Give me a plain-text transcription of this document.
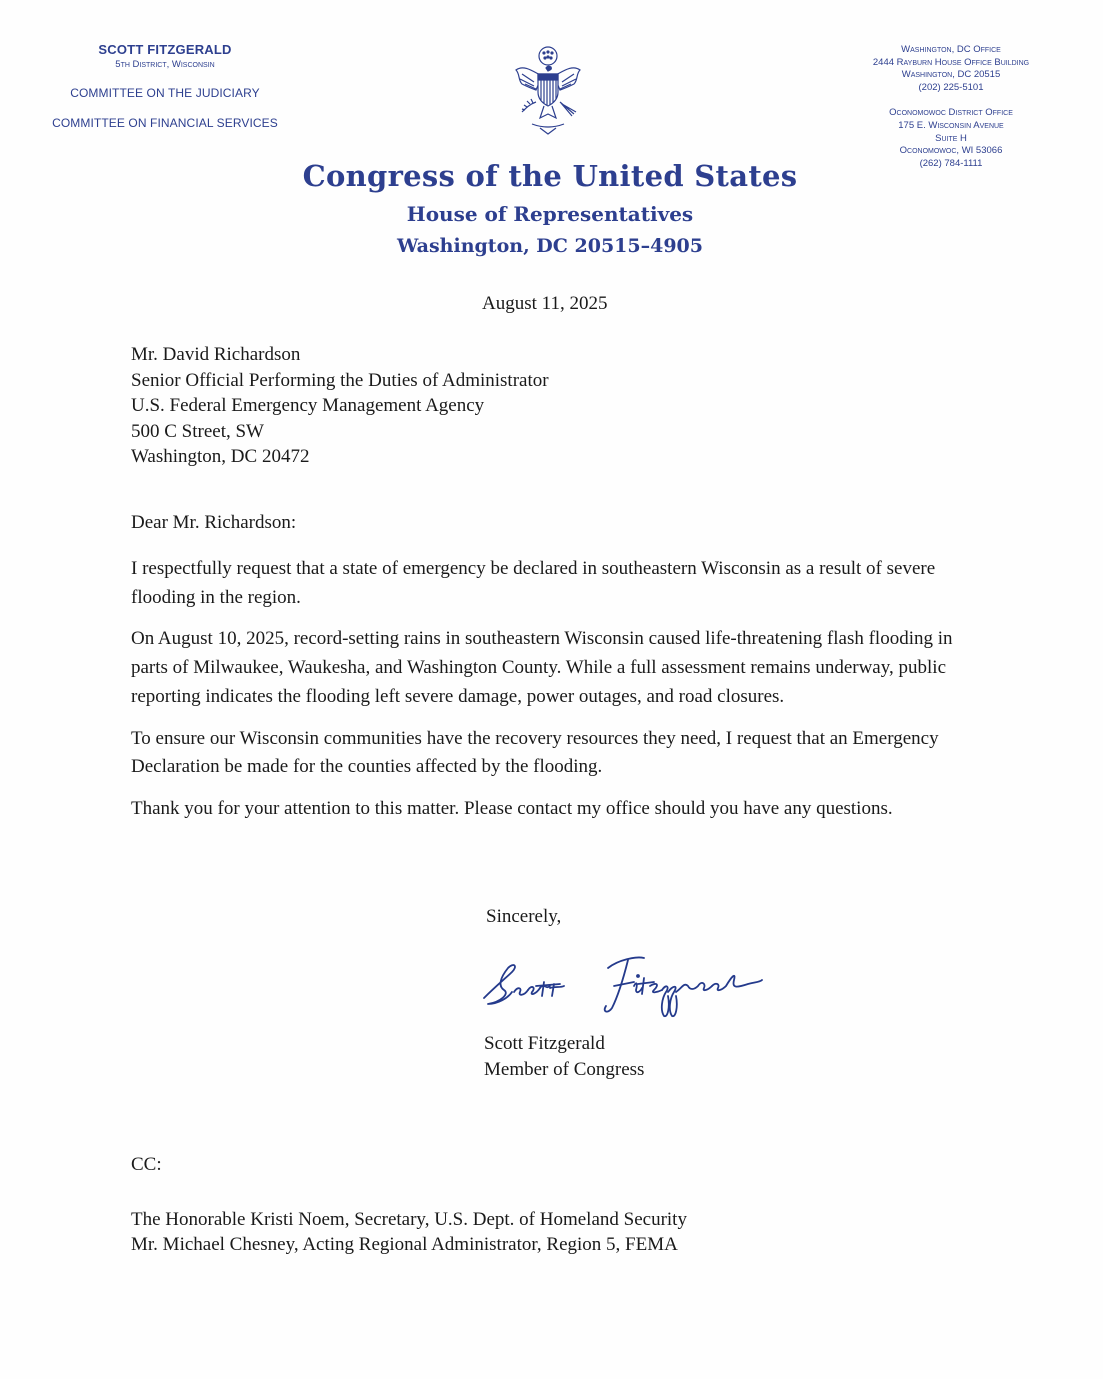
SCOTT FITZGERALD
5th District, Wisconsin
COMMITTEE ON THE JUDICIARY
COMMITTEE ON FINANCIAL SERVICES
Washington, DC Office
2444 Rayburn House Office Building
Washington, DC 20515
(202) 225-5101
Oconomowoc District Office
175 E. Wisconsin Avenue
Suite H
Oconomowoc, WI 53066
(262) 784-1111
Congress of the United States
House of Representatives
Washington, DC 20515–4905
August 11, 2025
Mr. David Richardson
Senior Official Performing the Duties of Administrator
U.S. Federal Emergency Management Agency
500 C Street, SW
Washington, DC 20472
Dear Mr. Richardson:

I respectfully request that a state of emergency be declared in southeastern Wisconsin as a result of severe flooding in the region.

On August 10, 2025, record-setting rains in southeastern Wisconsin caused life-threatening flash flooding in parts of Milwaukee, Waukesha, and Washington County. While a full assessment remains underway, public reporting indicates the flooding left severe damage, power outages, and road closures.

To ensure our Wisconsin communities have the recovery resources they need, I request that an Emergency Declaration be made for the counties affected by the flooding.

Thank you for your attention to this matter. Please contact my office should you have any questions.

Sincerely,
Scott Fitzgerald
Member of Congress
CC:
The Honorable Kristi Noem, Secretary, U.S. Dept. of Homeland Security
Mr. Michael Chesney, Acting Regional Administrator, Region 5, FEMA
